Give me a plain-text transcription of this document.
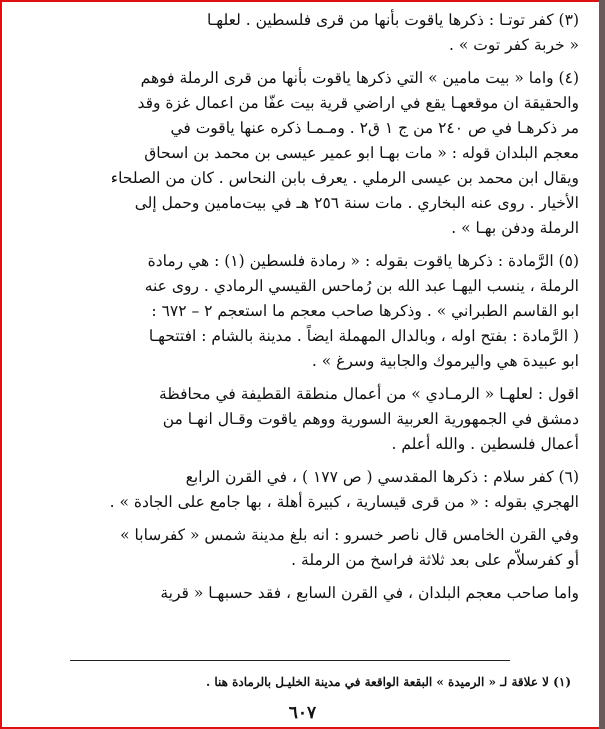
(٣) كفر توتـا : ذكرها ياقوت بأنها من قرى فلسطين . لعلهـا
« خربة كفر توت » .

(٤) واما « بيت مامين » التي ذكرها ياقوت بأنها من قرى الرملة فوهم
والحقيقة ان موقعهـا يقع في اراضي قرية بيت عفّا من اعمال غزة وقد
مر ذكرهـا في ص ٢٤٠ من ج ١ ق٢ . ومـمـا ذكره عنها ياقوت في
معجم البلدان قوله : « مات بهـا ابو عمير عيسى بن محمد بن اسحاق
ويقال ابن محمد بن عيسى الرملي . يعرف بابن النحاس . كان من الصلحاء
الأخيار . روى عنه البخاري . مات سنة ٢٥٦ هـ في بيت‌مامين وحمل إلى
الرملة ودفن بهـا » .

(٥) الرَّمادة : ذكرها ياقوت بقوله : « رمادة فلسطين (١) : هي رمادة
الرملة ، ينسب اليهـا عبد الله بن رُماحس القيسي الرمادي . روى عنه
ابو القاسم الطبراني » . وذكرها صاحب معجم ما استعجم ٢ – ٦٧٢ :
( الرَّمادة : بفتح اوله ، وبالدال المهملة ايضاً . مدينة بالشام : افتتحهـا
ابو عبيدة هي واليرموك والجابية وسرغ » .

اقول : لعلهـا « الرمـادي » من أعمال منطقة القطيفة في محافظة
دمشق في الجمهورية العربية السورية ووهم ياقوت وقـال انهـا من
أعمال فلسطين . والله أعلم .

(٦) كفر سلام : ذكرها المقدسي ( ص ١٧٧ ) ، في القرن الرابع
الهجري بقوله : « من قرى قيسارية ، كبيرة أهلة ، بها جامع على الجادة » .

وفي القرن الخامس قال ناصر خسرو : انه بلغ مدينة شمس « كفرسابا »
أو كفرسلاّم على بعد ثلاثة فراسخ من الرملة .

واما صاحب معجم البلدان ، في القرن السابع ، فقد حسبهـا « قرية

(١) لا علاقة لـ « الرميدة » البقعة الواقعة في مدينة الخليـل بالرمادة هنا .
٦٠٧
